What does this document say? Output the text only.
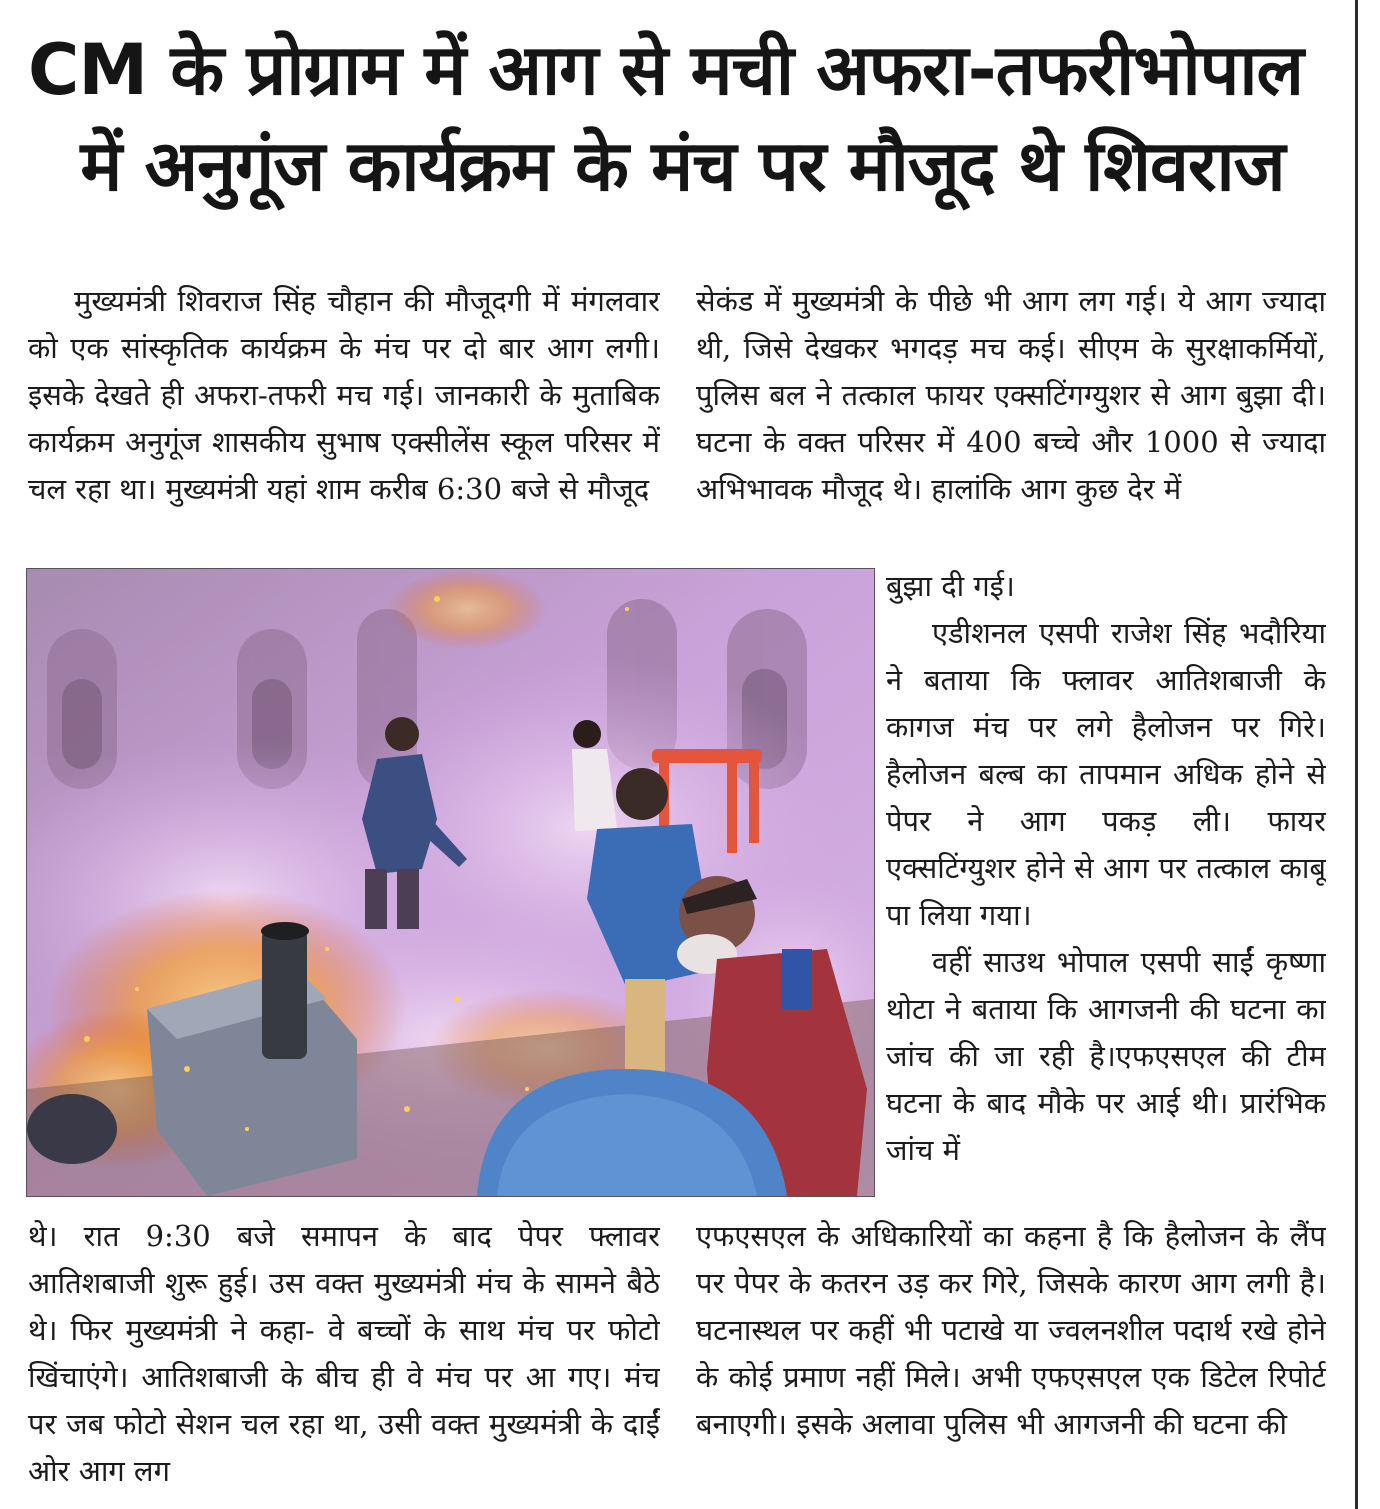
CM के प्रोग्राम में आग से मची अफरा-तफरीभोपाल
में अनुगूंज कार्यक्रम के मंच पर मौजूद थे शिवराज

मुख्यमंत्री शिवराज सिंह चौहान की मौजूदगी में मंगलवार को एक सांस्कृतिक कार्यक्रम के मंच पर दो बार आग लगी। इसके देखते ही अफरा-तफरी मच गई। जानकारी के मुताबिक कार्यक्रम अनुगूंज शासकीय सुभाष एक्सीलेंस स्कूल परिसर में चल रहा था। मुख्यमंत्री यहां शाम करीब 6:30 बजे से मौजूद

सेकंड में मुख्यमंत्री के पीछे भी आग लग गई। ये आग ज्यादा थी, जिसे देखकर भगदड़ मच कई। सीएम के सुरक्षाकर्मियों, पुलिस बल ने तत्काल फायर एक्सटिंगग्युशर से आग बुझा दी। घटना के वक्त परिसर में 400 बच्चे और 1000 से ज्यादा अभिभावक मौजूद थे। हालांकि आग कुछ देर में

बुझा दी गई।

एडीशनल एसपी राजेश सिंह भदौरिया ने बताया कि फ्लावर आतिशबाजी के कागज मंच पर लगे हैलोजन पर गिरे। हैलोजन बल्ब का तापमान अधिक होने से पेपर ने आग पकड़ ली। फायर एक्सटिंग्युशर होने से आग पर तत्काल काबू पा लिया गया।

वहीं साउथ भोपाल एसपी साईं कृष्णा थोटा ने बताया कि आगजनी की घटना का जांच की जा रही है।एफएसएल की टीम घटना के बाद मौके पर आई थी। प्रारंभिक जांच में

थे। रात 9:30 बजे समापन के बाद पेपर फ्लावर आतिशबाजी शुरू हुई। उस वक्त मुख्यमंत्री मंच के सामने बैठे थे। फिर मुख्यमंत्री ने कहा- वे बच्चों के साथ मंच पर फोटो खिंचाएंगे। आतिशबाजी के बीच ही वे मंच पर आ गए। मंच पर जब फोटो सेशन चल रहा था, उसी वक्त मुख्यमंत्री के दाईं ओर आग लग

एफएसएल के अधिकारियों का कहना है कि हैलोजन के लैंप पर पेपर के कतरन उड़ कर गिरे, जिसके कारण आग लगी है। घटनास्थल पर कहीं भी पटाखे या ज्वलनशील पदार्थ रखे होने के कोई प्रमाण नहीं मिले। अभी एफएसएल एक डिटेल रिपोर्ट बनाएगी। इसके अलावा पुलिस भी आगजनी की घटना की
